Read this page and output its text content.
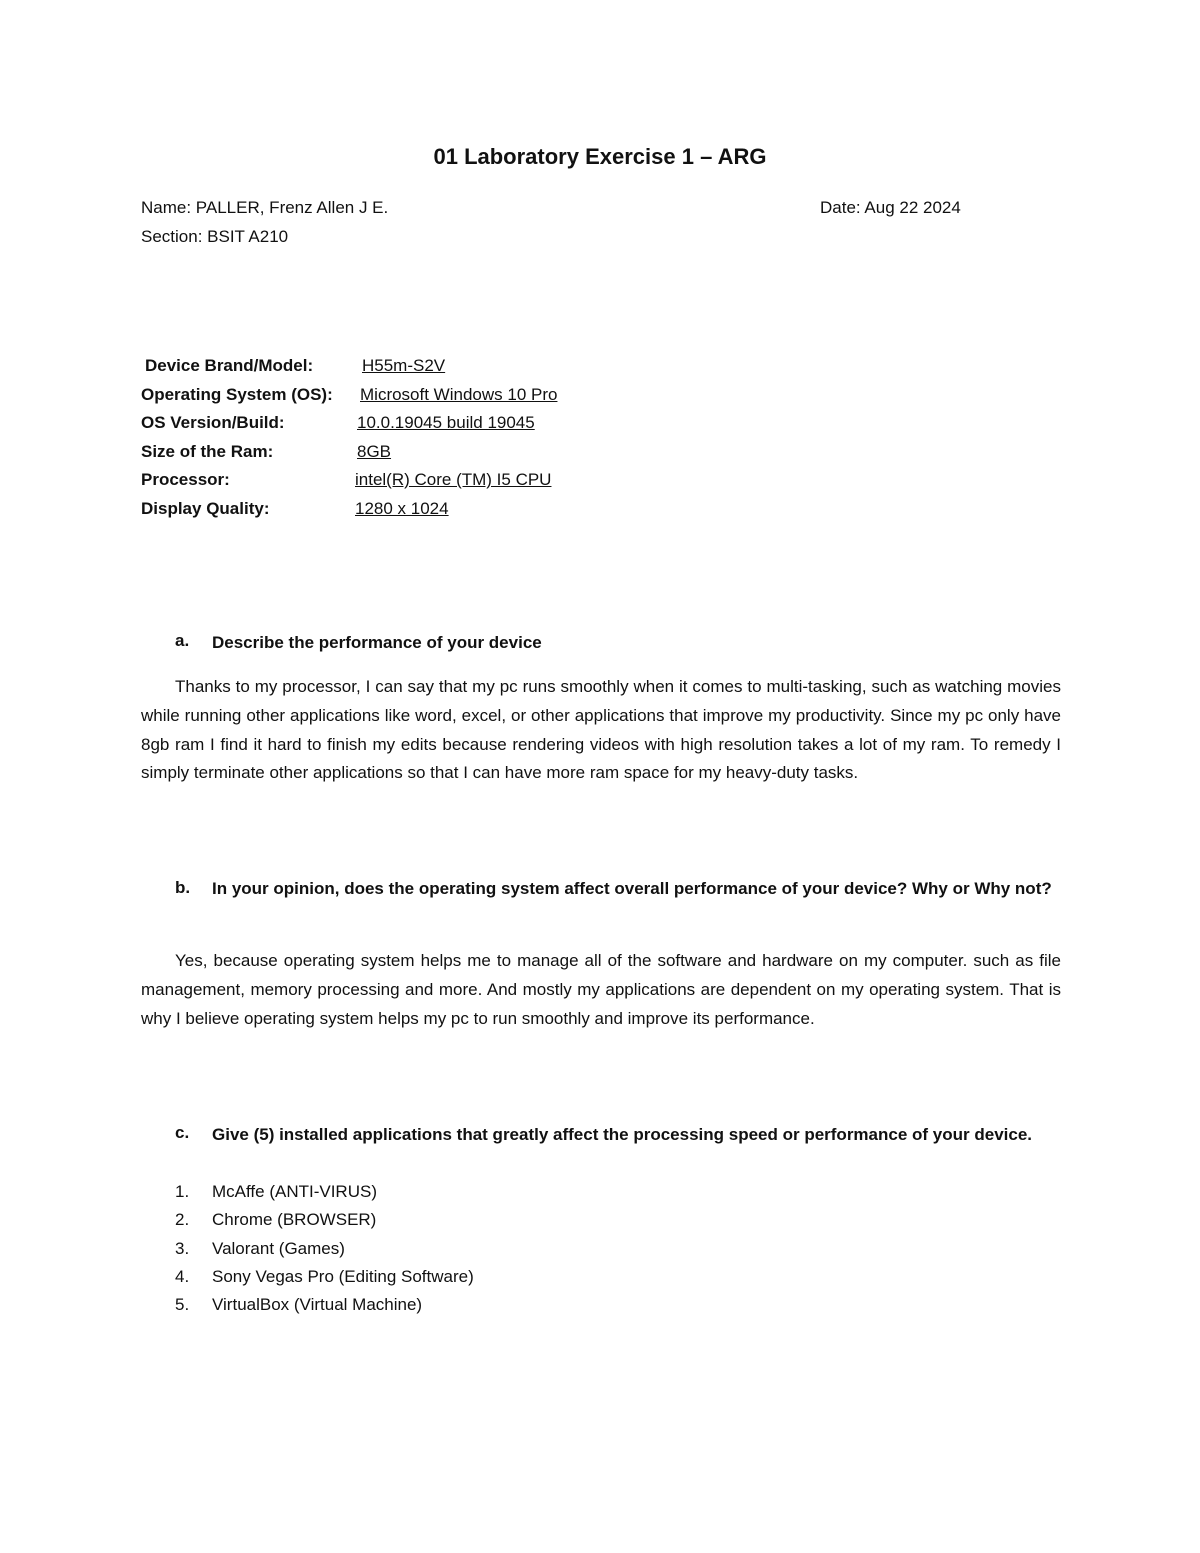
01 Laboratory Exercise 1 – ARG
Name: PALLER, Frenz Allen J E.	Date: Aug 22 2024
Section: BSIT A210
Device Brand/Model:	H55m-S2V
Operating System (OS): Microsoft Windows 10 Pro
OS Version/Build:	10.0.19045 build 19045
Size of the Ram:	8GB
Processor:	intel(R) Core (TM) I5 CPU
Display Quality:	1280 x 1024
a. Describe the performance of your device

Thanks to my processor, I can say that my pc runs smoothly when it comes to multi-tasking, such as watching movies while running other applications like word, excel, or other applications that improve my productivity. Since my pc only have 8gb ram I find it hard to finish my edits because rendering videos with high resolution takes a lot of my ram. To remedy I simply terminate other applications so that I can have more ram space for my heavy-duty tasks.

b. In your opinion, does the operating system affect overall performance of your device? Why or Why not?

Yes, because operating system helps me to manage all of the software and hardware on my computer. such as file management, memory processing and more. And mostly my applications are dependent on my operating system. That is why I believe operating system helps my pc to run smoothly and improve its performance.

c. Give (5) installed applications that greatly affect the processing speed or performance of your device.

1. McAffe (ANTI-VIRUS)
2. Chrome (BROWSER)
3. Valorant (Games)
4. Sony Vegas Pro (Editing Software)
5. VirtualBox (Virtual Machine)
